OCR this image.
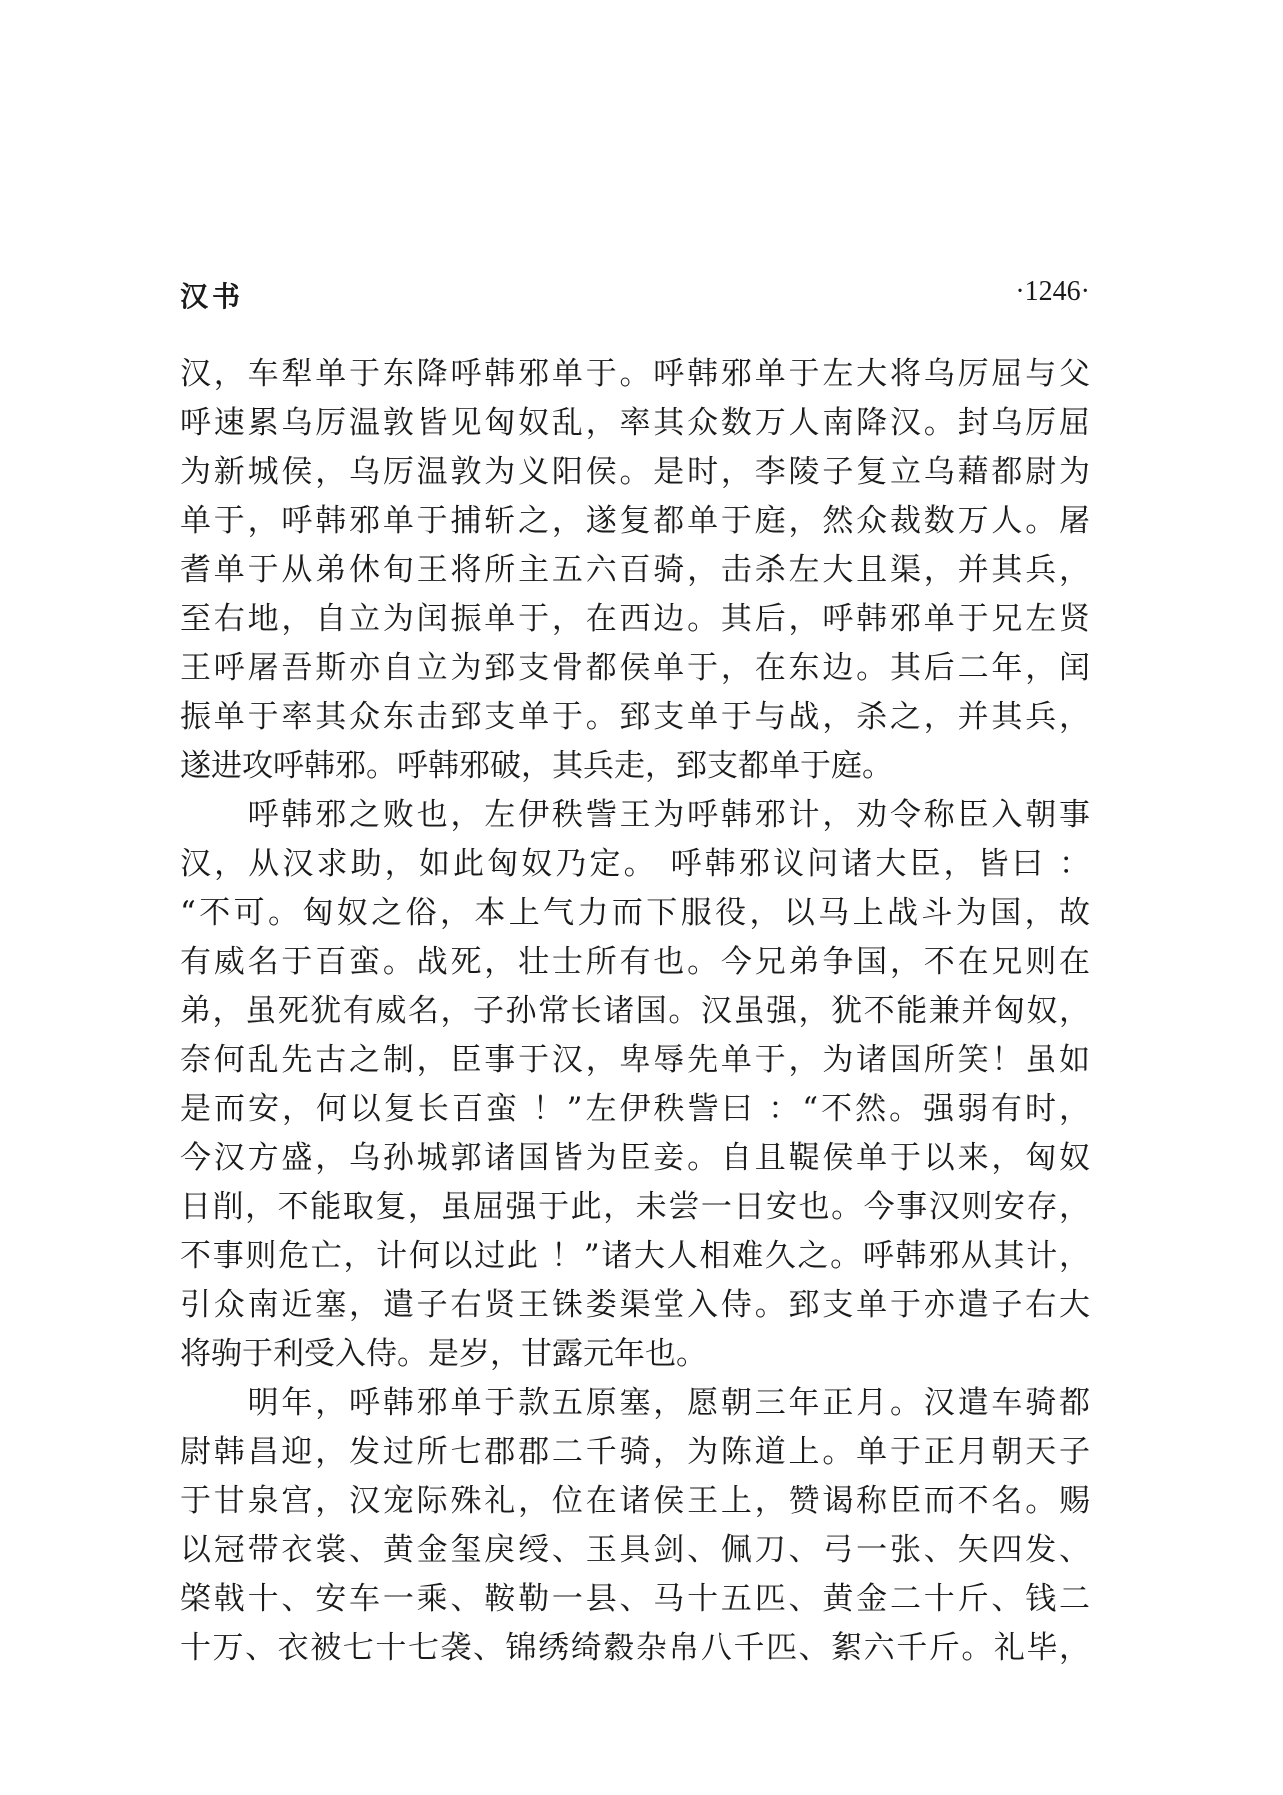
汉书	·1246·
汉，车犁单于东降呼韩邪单于。呼韩邪单于左大将乌厉屈与父
呼速累乌厉温敦皆见匈奴乱，率其众数万人南降汉。封乌厉屈
为新城侯，乌厉温敦为义阳侯。是时，李陵子复立乌藉都尉为
单于，呼韩邪单于捕斩之，遂复都单于庭，然众裁数万人。屠
耆单于从弟休旬王将所主五六百骑，击杀左大且渠，并其兵，
至右地，自立为闰振单于，在西边。其后，呼韩邪单于兄左贤
王呼屠吾斯亦自立为郅支骨都侯单于，在东边。其后二年，闰
振单于率其众东击郅支单于。郅支单于与战，杀之，并其兵，
遂进攻呼韩邪。呼韩邪破，其兵走，郅支都单于庭。
　　呼韩邪之败也，左伊秩訾王为呼韩邪计，劝令称臣入朝事
汉，从汉求助，如此匈奴乃定。 呼韩邪议问诸大臣，皆曰 ：
“不可。匈奴之俗，本上气力而下服役，以马上战斗为国，故
有威名于百蛮。战死，壮士所有也。今兄弟争国，不在兄则在
弟，虽死犹有威名，子孙常长诸国。汉虽强，犹不能兼并匈奴，
奈何乱先古之制，臣事于汉，卑辱先单于，为诸国所笑！虽如
是而安，何以复长百蛮 ！”左伊秩訾曰 ：“不然。强弱有时，
今汉方盛，乌孙城郭诸国皆为臣妾。自且鞮侯单于以来，匈奴
日削，不能取复，虽屈强于此，未尝一日安也。今事汉则安存，
不事则危亡，计何以过此 ！”诸大人相难久之。呼韩邪从其计，
引众南近塞，遣子右贤王铢娄渠堂入侍。郅支单于亦遣子右大
将驹于利受入侍。是岁，甘露元年也。
　　明年，呼韩邪单于款五原塞，愿朝三年正月。汉遣车骑都
尉韩昌迎，发过所七郡郡二千骑，为陈道上。单于正月朝天子
于甘泉宫，汉宠际殊礼，位在诸侯王上，赞谒称臣而不名。赐
以冠带衣裳、黄金玺戾绶、玉具剑、佩刀、弓一张、矢四发、
棨戟十、安车一乘、鞍勒一县、马十五匹、黄金二十斤、钱二
十万、衣被七十七袭、锦绣绮縠杂帛八千匹、絮六千斤。礼毕，
